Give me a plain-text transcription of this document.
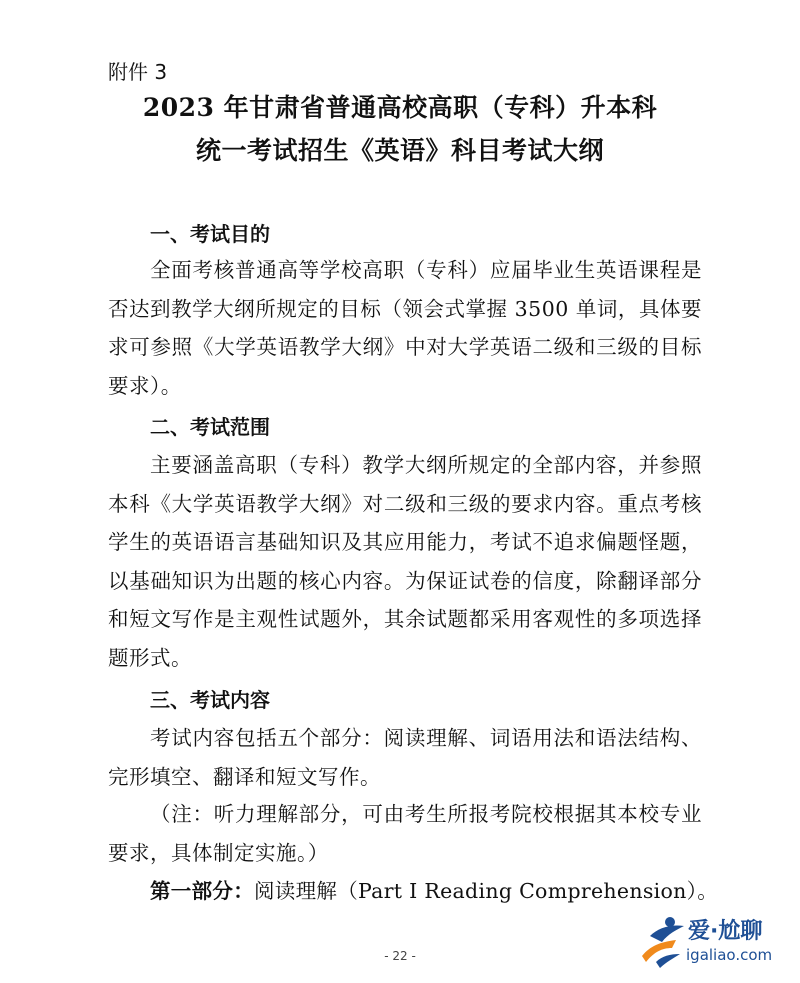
附件 3
2023 年甘肃省普通高校高职（专科）升本科
统一考试招生《英语》科目考试大纲
一、考试目的
全面考核普通高等学校高职（专科）应届毕业生英语课程是否达到教学大纲所规定的目标（领会式掌握 3500 单词，具体要求可参照《大学英语教学大纲》中对大学英语二级和三级的目标要求）。
二、考试范围
主要涵盖高职（专科）教学大纲所规定的全部内容，并参照本科《大学英语教学大纲》对二级和三级的要求内容。重点考核学生的英语语言基础知识及其应用能力，考试不追求偏题怪题，以基础知识为出题的核心内容。为保证试卷的信度，除翻译部分和短文写作是主观性试题外，其余试题都采用客观性的多项选择题形式。
三、考试内容
考试内容包括五个部分：阅读理解、词语用法和语法结构、完形填空、翻译和短文写作。
（注：听力理解部分，可由考生所报考院校根据其本校专业要求，具体制定实施。）
第一部分：阅读理解（Part I Reading Comprehension）。
- 22 -
爱·尬聊
igaliao.com
